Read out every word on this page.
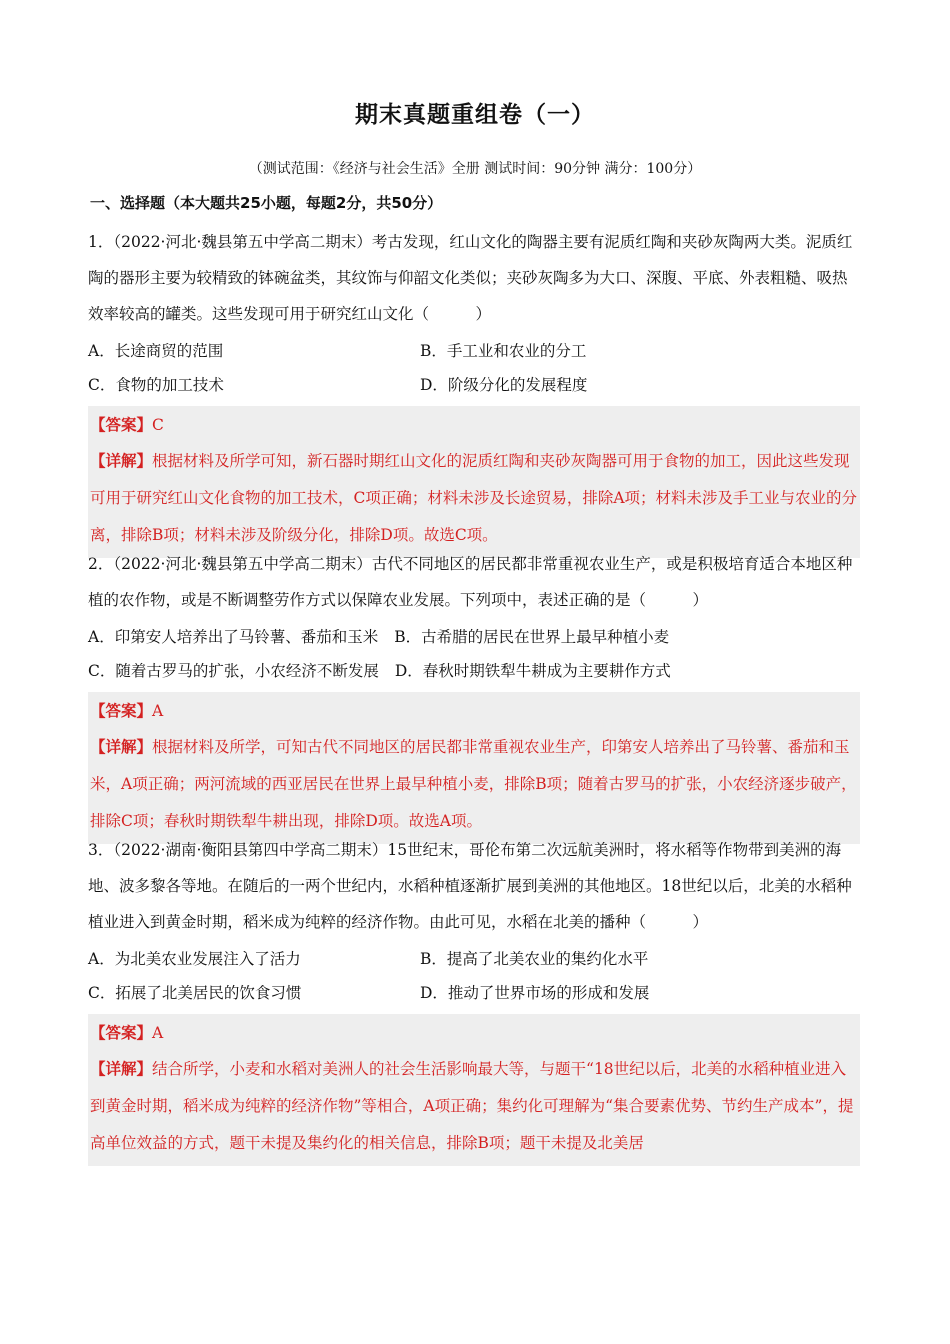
期末真题重组卷（一）
（测试范围：《经济与社会生活》全册 测试时间：90分钟 满分：100分）
一、选择题（本大题共25小题，每题2分，共50分）
1．（2022·河北·魏县第五中学高二期末）考古发现，红山文化的陶器主要有泥质红陶和夹砂灰陶两大类。泥质红陶的器形主要为较精致的钵碗盆类，其纹饰与仰韶文化类似；夹砂灰陶多为大口、深腹、平底、外表粗糙、吸热效率较高的罐类。这些发现可用于研究红山文化（　　　）
A．长途商贸的范围	B．手工业和农业的分工
C．食物的加工技术	D．阶级分化的发展程度
【答案】C
【详解】根据材料及所学可知，新石器时期红山文化的泥质红陶和夹砂灰陶器可用于食物的加工，因此这些发现可用于研究红山文化食物的加工技术，C项正确；材料未涉及长途贸易，排除A项；材料未涉及手工业与农业的分离，排除B项；材料未涉及阶级分化，排除D项。故选C项。
2．（2022·河北·魏县第五中学高二期末）古代不同地区的居民都非常重视农业生产，或是积极培育适合本地区种植的农作物，或是不断调整劳作方式以保障农业发展。下列项中，表述正确的是（　　　）
A．印第安人培养出了马铃薯、番茄和玉米 B．古希腊的居民在世界上最早种植小麦
C．随着古罗马的扩张，小农经济不断发展 D．春秋时期铁犁牛耕成为主要耕作方式
【答案】A
【详解】根据材料及所学，可知古代不同地区的居民都非常重视农业生产，印第安人培养出了马铃薯、番茄和玉米，A项正确；两河流域的西亚居民在世界上最早种植小麦，排除B项；随着古罗马的扩张，小农经济逐步破产，排除C项；春秋时期铁犁牛耕出现，排除D项。故选A项。
3．（2022·湖南·衡阳县第四中学高二期末）15世纪末，哥伦布第二次远航美洲时，将水稻等作物带到美洲的海地、波多黎各等地。在随后的一两个世纪内，水稻种植逐渐扩展到美洲的其他地区。18世纪以后，北美的水稻种植业进入到黄金时期，稻米成为纯粹的经济作物。由此可见，水稻在北美的播种（　　　）
A．为北美农业发展注入了活力	B．提高了北美农业的集约化水平
C．拓展了北美居民的饮食习惯	D．推动了世界市场的形成和发展
【答案】A
【详解】结合所学，小麦和水稻对美洲人的社会生活影响最大等，与题干“18世纪以后，北美的水稻种植业进入到黄金时期，稻米成为纯粹的经济作物”等相合，A项正确；集约化可理解为“集合要素优势、节约生产成本”，提高单位效益的方式，题干未提及集约化的相关信息，排除B项；题干未提及北美居
